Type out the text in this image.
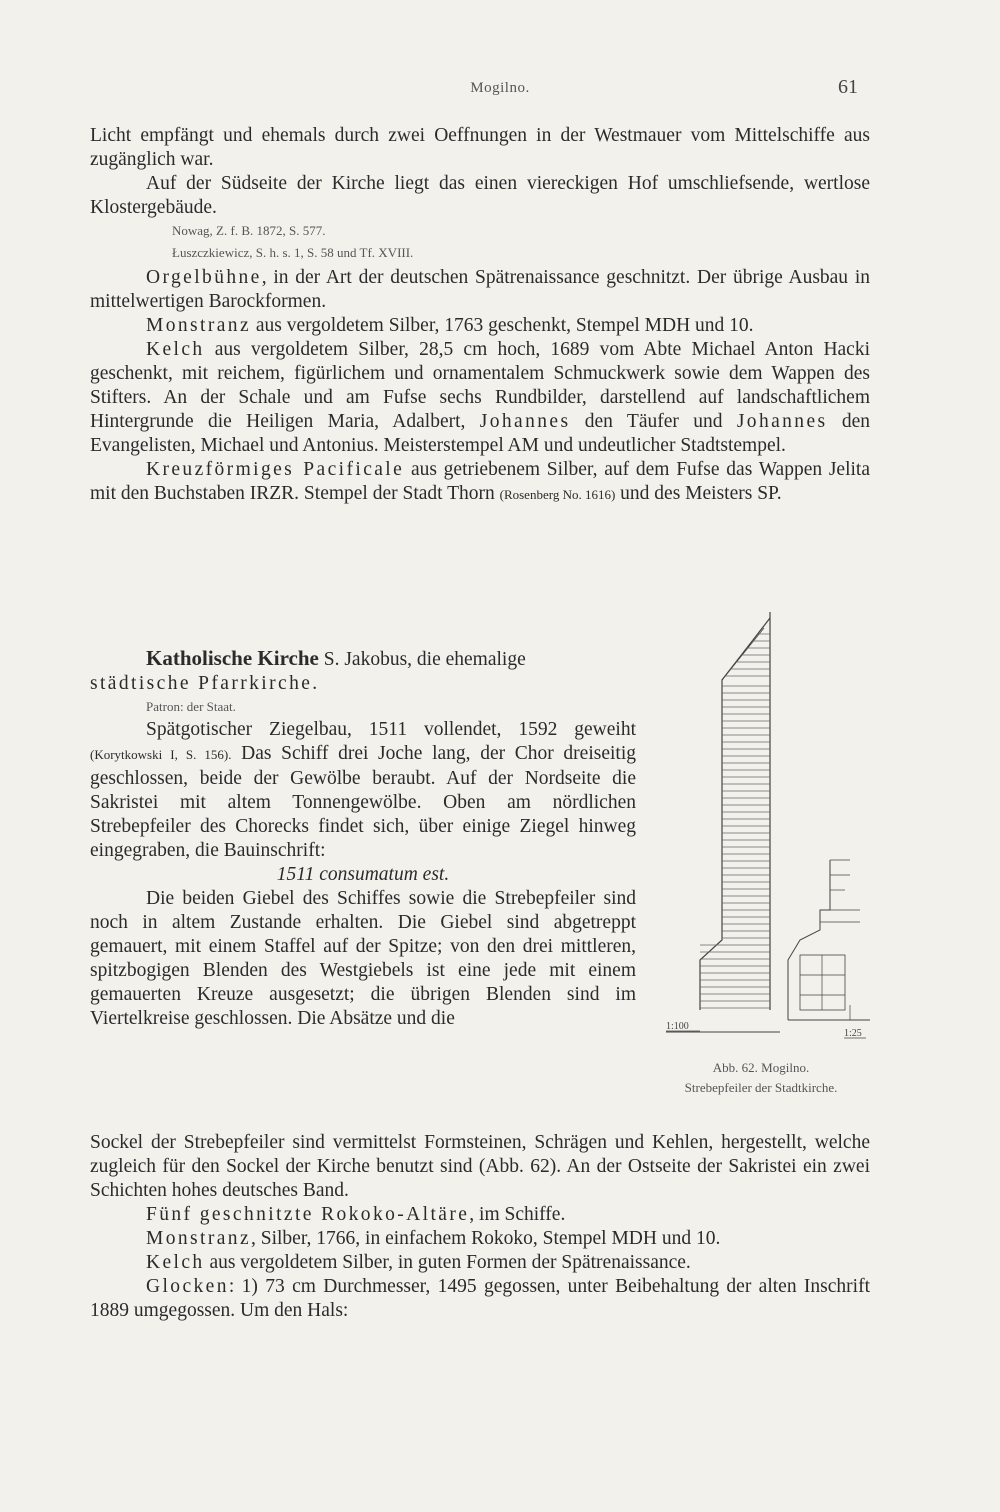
Mogilno.	61

Licht empfängt und ehemals durch zwei Oeffnungen in der Westmauer vom Mittelschiffe aus zugänglich war.

Auf der Südseite der Kirche liegt das einen viereckigen Hof umschliefsende, wertlose Klostergebäude.

Nowag, Z. f. B. 1872, S. 577.
Łuszczkiewicz, S. h. s. 1, S. 58 und Tf. XVIII.

Orgelbühne, in der Art der deutschen Spätrenaissance geschnitzt. Der übrige Ausbau in mittelwertigen Barockformen.

Monstranz aus vergoldetem Silber, 1763 geschenkt, Stempel MDH und 10.

Kelch aus vergoldetem Silber, 28,5 cm hoch, 1689 vom Abte Michael Anton Hacki geschenkt, mit reichem, figürlichem und ornamentalem Schmuckwerk sowie dem Wappen des Stifters. An der Schale und am Fufse sechs Rundbilder, darstellend auf landschaftlichem Hintergrunde die Heiligen Maria, Adalbert, Johannes den Täufer und Johannes den Evangelisten, Michael und Antonius. Meisterstempel AM und undeutlicher Stadtstempel.

Kreuzförmiges Pacificale aus getriebenem Silber, auf dem Fufse das Wappen Jelita mit den Buchstaben IRZR. Stempel der Stadt Thorn (Rosenberg No. 1616) und des Meisters SP.

Katholische Kirche S. Jakobus, die ehemalige

städtische Pfarrkirche.

Patron: der Staat.

Spätgotischer Ziegelbau, 1511 vollendet, 1592 geweiht (Korytkowski I, S. 156). Das Schiff drei Joche lang, der Chor dreiseitig geschlossen, beide der Gewölbe beraubt. Auf der Nordseite die Sakristei mit altem Tonnengewölbe. Oben am nördlichen Strebepfeiler des Chorecks findet sich, über einige Ziegel hinweg eingegraben, die Bauinschrift:

1511 consumatum est.

Die beiden Giebel des Schiffes sowie die Strebepfeiler sind noch in altem Zustande erhalten. Die Giebel sind abgetreppt gemauert, mit einem Staffel auf der Spitze; von den drei mittleren, spitzbogigen Blenden des Westgiebels ist eine jede mit einem gemauerten Kreuze ausgesetzt; die übrigen Blenden sind im Viertelkreise geschlossen. Die Absätze und die

Sockel der Strebepfeiler sind vermittelst Formsteinen, Schrägen und Kehlen, hergestellt, welche zugleich für den Sockel der Kirche benutzt sind (Abb. 62). An der Ostseite der Sakristei ein zwei Schichten hohes deutsches Band.

Fünf geschnitzte Rokoko-Altäre, im Schiffe.

Monstranz, Silber, 1766, in einfachem Rokoko, Stempel MDH und 10.

Kelch aus vergoldetem Silber, in guten Formen der Spätrenaissance.

Glocken: 1) 73 cm Durchmesser, 1495 gegossen, unter Beibehaltung der alten Inschrift 1889 umgegossen. Um den Hals:

1:100
1:25
Abb. 62. Mogilno.
Strebepfeiler der Stadtkirche.
